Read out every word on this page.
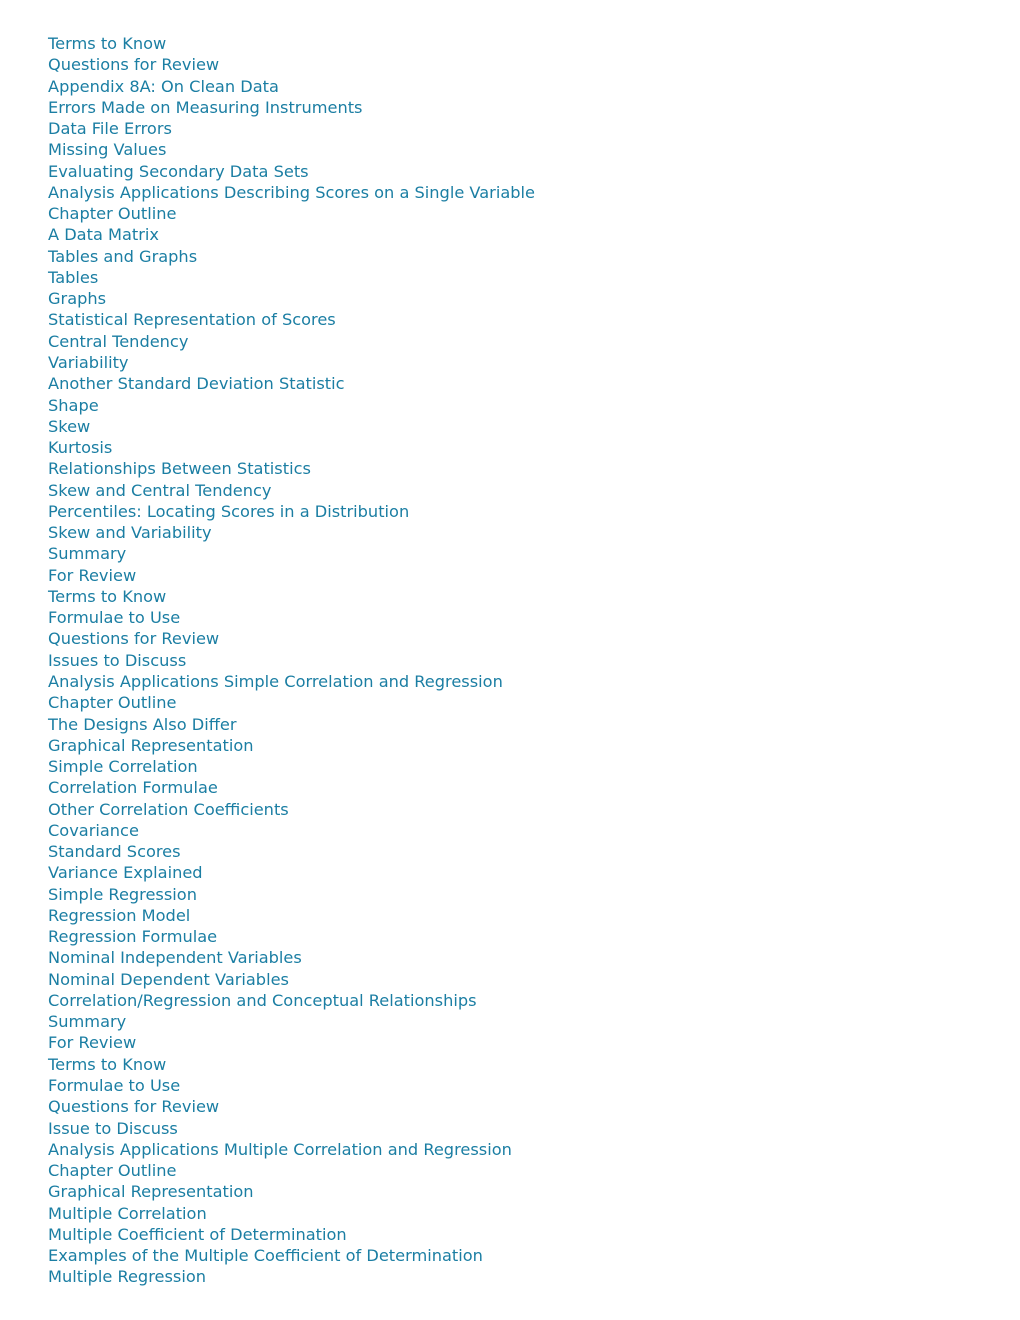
Terms to Know
Questions for Review
Appendix 8A: On Clean Data
Errors Made on Measuring Instruments
Data File Errors
Missing Values
Evaluating Secondary Data Sets
Analysis Applications Describing Scores on a Single Variable
Chapter Outline
A Data Matrix
Tables and Graphs
Tables
Graphs
Statistical Representation of Scores
Central Tendency
Variability
Another Standard Deviation Statistic
Shape
Skew
Kurtosis
Relationships Between Statistics
Skew and Central Tendency
Percentiles: Locating Scores in a Distribution
Skew and Variability
Summary
For Review
Terms to Know
Formulae to Use
Questions for Review
Issues to Discuss
Analysis Applications Simple Correlation and Regression
Chapter Outline
The Designs Also Differ
Graphical Representation
Simple Correlation
Correlation Formulae
Other Correlation Coefficients
Covariance
Standard Scores
Variance Explained
Simple Regression
Regression Model
Regression Formulae
Nominal Independent Variables
Nominal Dependent Variables
Correlation/Regression and Conceptual Relationships
Summary
For Review
Terms to Know
Formulae to Use
Questions for Review
Issue to Discuss
Analysis Applications Multiple Correlation and Regression
Chapter Outline
Graphical Representation
Multiple Correlation
Multiple Coefficient of Determination
Examples of the Multiple Coefficient of Determination
Multiple Regression
